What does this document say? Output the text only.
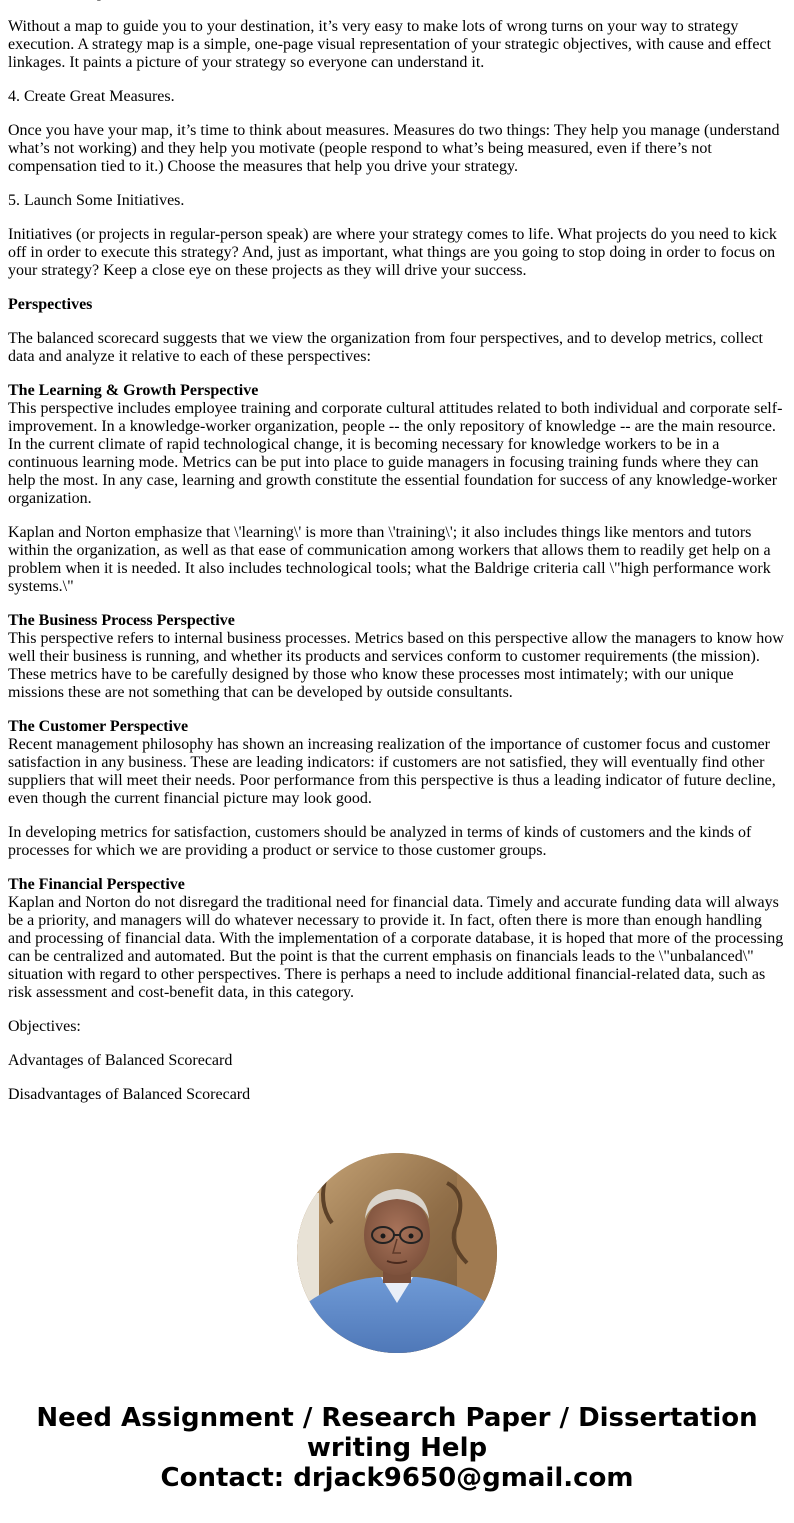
Without a map to guide you to your destination, it’s very easy to make lots of wrong turns on your way to strategy execution. A strategy map is a simple, one-page visual representation of your strategic objectives, with cause and effect linkages. It paints a picture of your strategy so everyone can understand it.

4. Create Great Measures.

Once you have your map, it’s time to think about measures. Measures do two things: They help you manage (understand what’s not working) and they help you motivate (people respond to what’s being measured, even if there’s not compensation tied to it.) Choose the measures that help you drive your strategy.

5. Launch Some Initiatives.

Initiatives (or projects in regular-person speak) are where your strategy comes to life. What projects do you need to kick off in order to execute this strategy? And, just as important, what things are you going to stop doing in order to focus on your strategy? Keep a close eye on these projects as they will drive your success.

Perspectives

The balanced scorecard suggests that we view the organization from four perspectives, and to develop metrics, collect data and analyze it relative to each of these perspectives:

The Learning & Growth Perspective
This perspective includes employee training and corporate cultural attitudes related to both individual and corporate self-improvement. In a knowledge-worker organization, people -- the only repository of knowledge -- are the main resource. In the current climate of rapid technological change, it is becoming necessary for knowledge workers to be in a continuous learning mode. Metrics can be put into place to guide managers in focusing training funds where they can help the most. In any case, learning and growth constitute the essential foundation for success of any knowledge-worker organization.

Kaplan and Norton emphasize that \'learning\' is more than \'training\'; it also includes things like mentors and tutors within the organization, as well as that ease of communication among workers that allows them to readily get help on a problem when it is needed. It also includes technological tools; what the Baldrige criteria call \"high performance work systems.\"

The Business Process Perspective
This perspective refers to internal business processes. Metrics based on this perspective allow the managers to know how well their business is running, and whether its products and services conform to customer requirements (the mission). These metrics have to be carefully designed by those who know these processes most intimately; with our unique missions these are not something that can be developed by outside consultants.
The Customer Perspective
Recent management philosophy has shown an increasing realization of the importance of customer focus and customer satisfaction in any business. These are leading indicators: if customers are not satisfied, they will eventually find other suppliers that will meet their needs. Poor performance from this perspective is thus a leading indicator of future decline, even though the current financial picture may look good.

In developing metrics for satisfaction, customers should be analyzed in terms of kinds of customers and the kinds of processes for which we are providing a product or service to those customer groups.

The Financial Perspective
Kaplan and Norton do not disregard the traditional need for financial data. Timely and accurate funding data will always be a priority, and managers will do whatever necessary to provide it. In fact, often there is more than enough handling and processing of financial data. With the implementation of a corporate database, it is hoped that more of the processing can be centralized and automated. But the point is that the current emphasis on financials leads to the \"unbalanced\" situation with regard to other perspectives. There is perhaps a need to include additional financial-related data, such as risk assessment and cost-benefit data, in this category.

Objectives:

Advantages of Balanced Scorecard

Disadvantages of Balanced Scorecard

Need Assignment / Research Paper / Dissertation
writing Help
Contact: drjack9650@gmail.com
